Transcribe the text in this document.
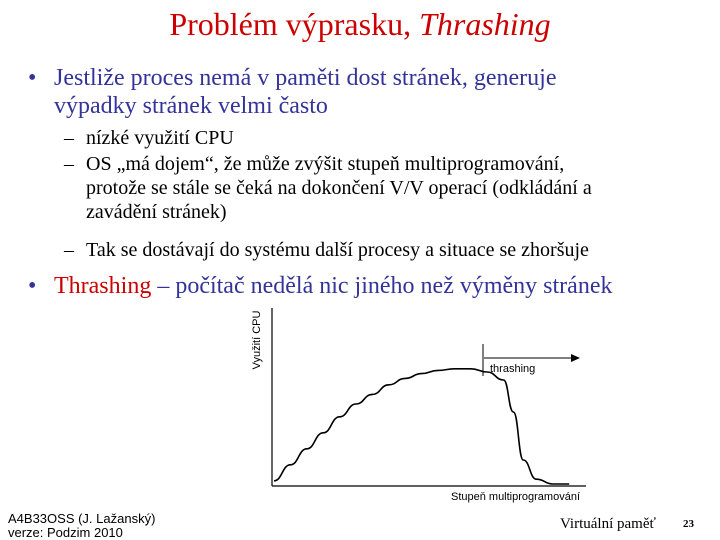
Problém výprasku, Thrashing
• Jestliže proces nemá v paměti dost stránek, generuje
výpadky stránek velmi často
– nízké využití CPU
– OS „má dojem“, že může zvýšit stupeň multiprogramování,
protože se stále se čeká na dokončení V/V operací (odkládání a
zavádění stránek)
– Tak se dostávají do systému další procesy a situace se zhoršuje
• Thrashing – počítač nedělá nic jiného než výměny stránek
Využití CPU	thrashing
Stupeň multiprogramování
A4B33OSS (J. Lažanský)
verze: Podzim 2010
Virtuální paměť 23
